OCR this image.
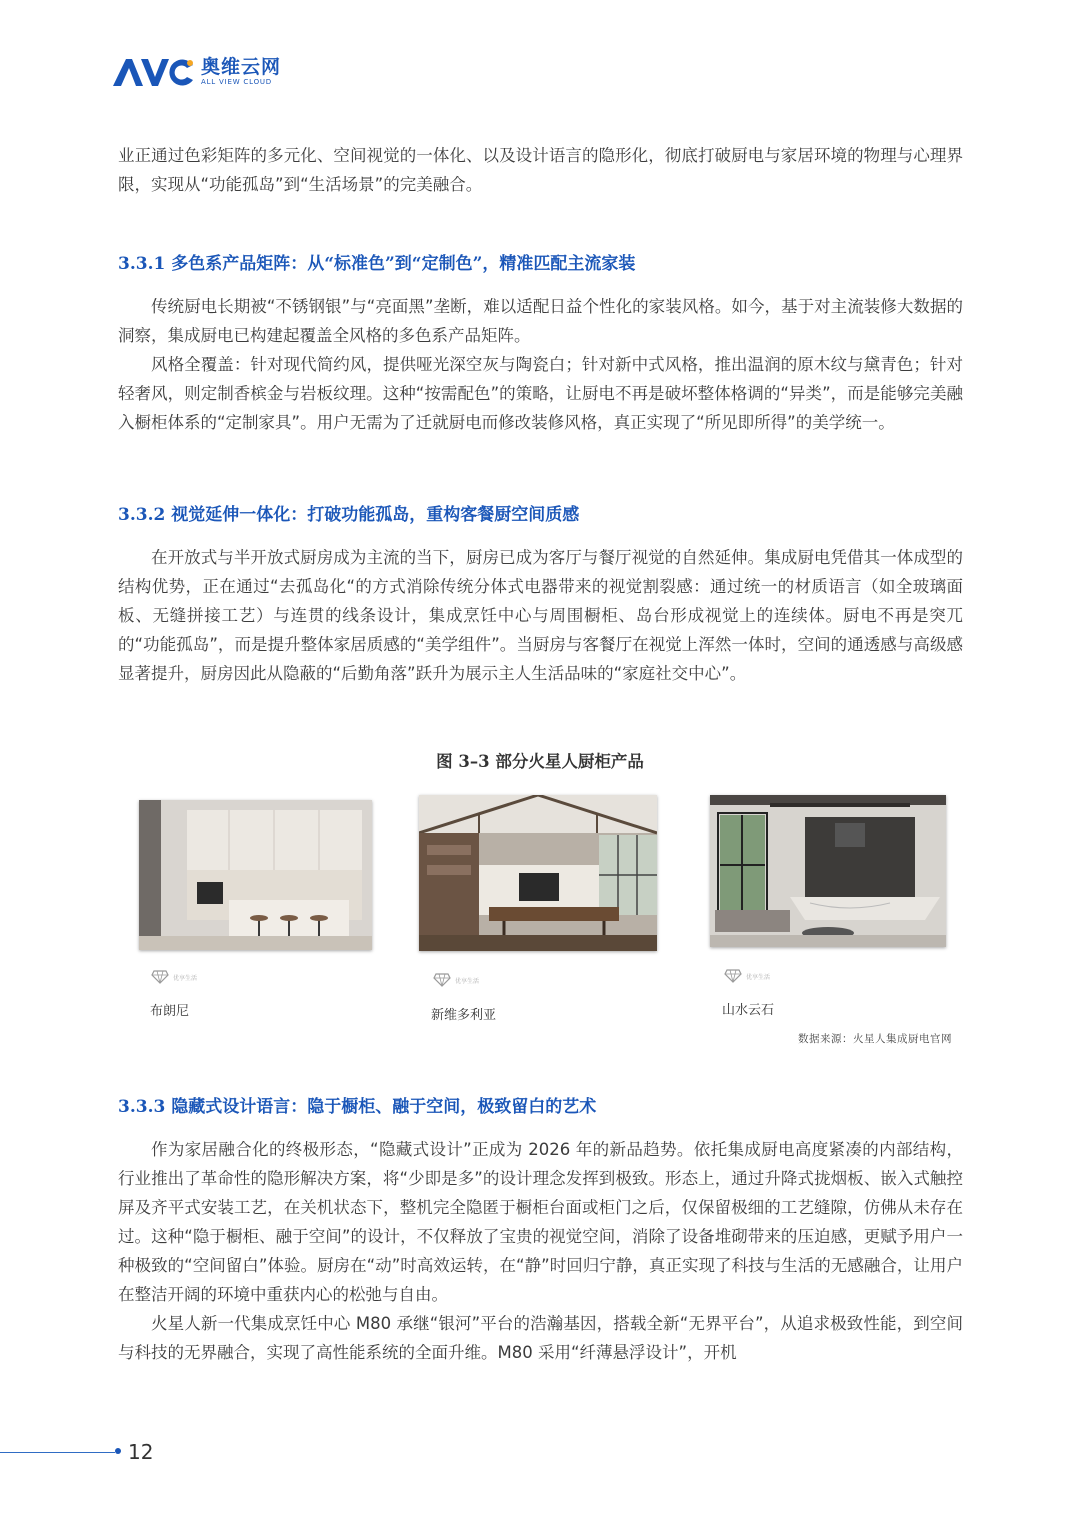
奥维云网
ALL VIEW CLOUD

业正通过色彩矩阵的多元化、空间视觉的一体化、以及设计语言的隐形化，彻底打破厨电与家居环境的物理与心理界限，实现从“功能孤岛”到“生活场景”的完美融合。

3.3.1 多色系产品矩阵：从“标准色”到“定制色”，精准匹配主流家装

传统厨电长期被“不锈钢银”与“亮面黑”垄断，难以适配日益个性化的家装风格。如今，基于对主流装修大数据的洞察，集成厨电已构建起覆盖全风格的多色系产品矩阵。

风格全覆盖：针对现代简约风，提供哑光深空灰与陶瓷白；针对新中式风格，推出温润的原木纹与黛青色；针对轻奢风，则定制香槟金与岩板纹理。这种“按需配色”的策略，让厨电不再是破坏整体格调的“异类”，而是能够完美融入橱柜体系的“定制家具”。用户无需为了迁就厨电而修改装修风格，真正实现了“所见即所得”的美学统一。

3.3.2 视觉延伸一体化：打破功能孤岛，重构客餐厨空间质感

在开放式与半开放式厨房成为主流的当下，厨房已成为客厅与餐厅视觉的自然延伸。集成厨电凭借其一体成型的结构优势，正在通过“去孤岛化“的方式消除传统分体式电器带来的视觉割裂感：通过统一的材质语言（如全玻璃面板、无缝拼接工艺）与连贯的线条设计，集成烹饪中心与周围橱柜、岛台形成视觉上的连续体。厨电不再是突兀的“功能孤岛”，而是提升整体家居质感的“美学组件”。当厨房与客餐厅在视觉上浑然一体时，空间的通透感与高级感显著提升，厨房因此从隐蔽的“后勤角落”跃升为展示主人生活品味的“家庭社交中心”。

图 3–3 部分火星人厨柜产品
优享生活
布朗尼
优享生活
新维多利亚
优享生活
山水云石

数据来源：火星人集成厨电官网

3.3.3 隐藏式设计语言：隐于橱柜、融于空间，极致留白的艺术

作为家居融合化的终极形态，“隐藏式设计”正成为 2026 年的新品趋势。依托集成厨电高度紧凑的内部结构，行业推出了革命性的隐形解决方案，将“少即是多”的设计理念发挥到极致。形态上，通过升降式拢烟板、嵌入式触控屏及齐平式安装工艺，在关机状态下，整机完全隐匿于橱柜台面或柜门之后，仅保留极细的工艺缝隙，仿佛从未存在过。这种“隐于橱柜、融于空间”的设计，不仅释放了宝贵的视觉空间，消除了设备堆砌带来的压迫感，更赋予用户一种极致的“空间留白”体验。厨房在“动”时高效运转，在“静”时回归宁静，真正实现了科技与生活的无感融合，让用户在整洁开阔的环境中重获内心的松弛与自由。

火星人新一代集成烹饪中心 M80 承继“银河”平台的浩瀚基因，搭载全新“无界平台”，从追求极致性能，到空间与科技的无界融合，实现了高性能系统的全面升维。M80 采用“纤薄悬浮设计”，开机

12
